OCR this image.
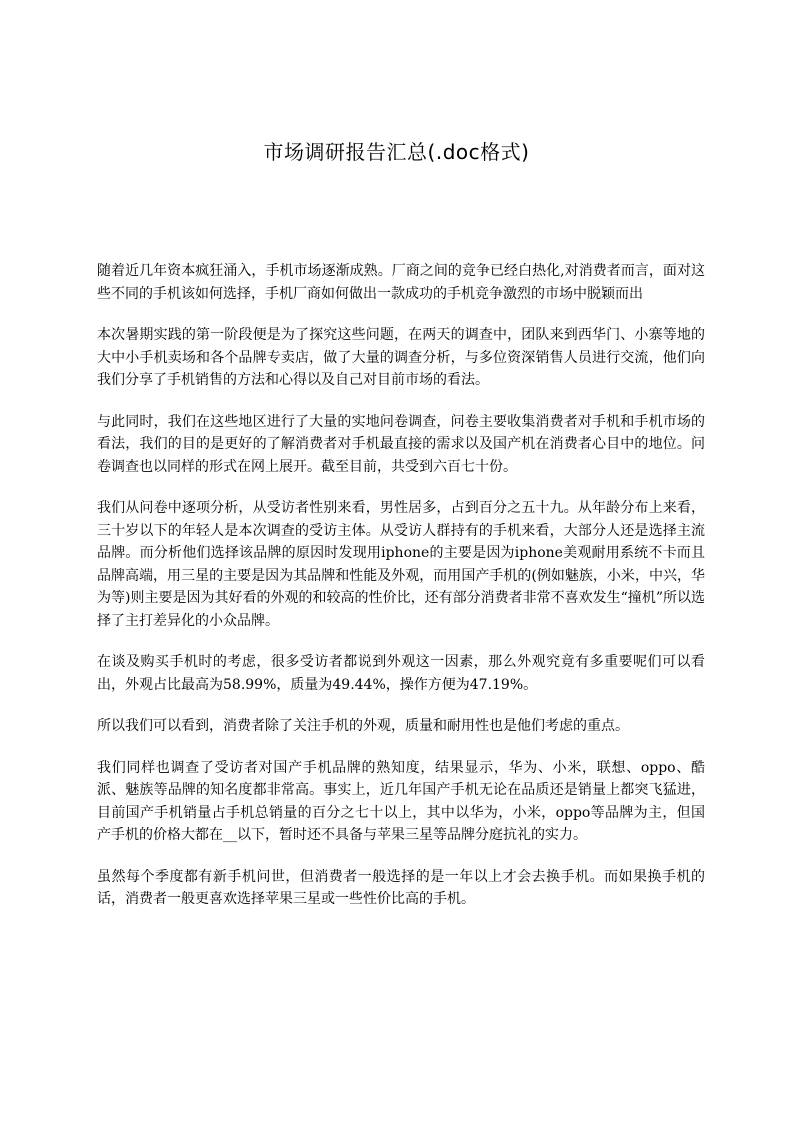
市场调研报告汇总(.doc格式)

随着近几年资本疯狂涌入，手机市场逐渐成熟。厂商之间的竞争已经白热化,对消费者而言，面对这些不同的手机该如何选择，手机厂商如何做出一款成功的手机竞争激烈的市场中脱颖而出

本次暑期实践的第一阶段便是为了探究这些问题，在两天的调查中，团队来到西华门、小寨等地的大中小手机卖场和各个品牌专卖店，做了大量的调查分析，与多位资深销售人员进行交流，他们向我们分享了手机销售的方法和心得以及自己对目前市场的看法。

与此同时，我们在这些地区进行了大量的实地问卷调查，问卷主要收集消费者对手机和手机市场的看法，我们的目的是更好的了解消费者对手机最直接的需求以及国产机在消费者心目中的地位。问卷调查也以同样的形式在网上展开。截至目前，共受到六百七十份。

我们从问卷中逐项分析，从受访者性别来看，男性居多，占到百分之五十九。从年龄分布上来看，三十岁以下的年轻人是本次调查的受访主体。从受访人群持有的手机来看，大部分人还是选择主流品牌。而分析他们选择该品牌的原因时发现用iphone的主要是因为iphone美观耐用系统不卡而且品牌高端，用三星的主要是因为其品牌和性能及外观，而用国产手机的(例如魅族，小米，中兴，华为等)则主要是因为其好看的外观的和较高的性价比，还有部分消费者非常不喜欢发生“撞机”所以选择了主打差异化的小众品牌。

在谈及购买手机时的考虑，很多受访者都说到外观这一因素，那么外观究竟有多重要呢们可以看出，外观占比最高为58.99%，质量为49.44%，操作方便为47.19%。

所以我们可以看到，消费者除了关注手机的外观，质量和耐用性也是他们考虑的重点。

我们同样也调查了受访者对国产手机品牌的熟知度，结果显示，华为、小米，联想、oppo、酷派、魅族等品牌的知名度都非常高。事实上，近几年国产手机无论在品质还是销量上都突飞猛进，目前国产手机销量占手机总销量的百分之七十以上，其中以华为，小米，oppo等品牌为主，但国产手机的价格大都在__以下，暂时还不具备与苹果三星等品牌分庭抗礼的实力。

虽然每个季度都有新手机问世，但消费者一般选择的是一年以上才会去换手机。而如果换手机的话，消费者一般更喜欢选择苹果三星或一些性价比高的手机。
